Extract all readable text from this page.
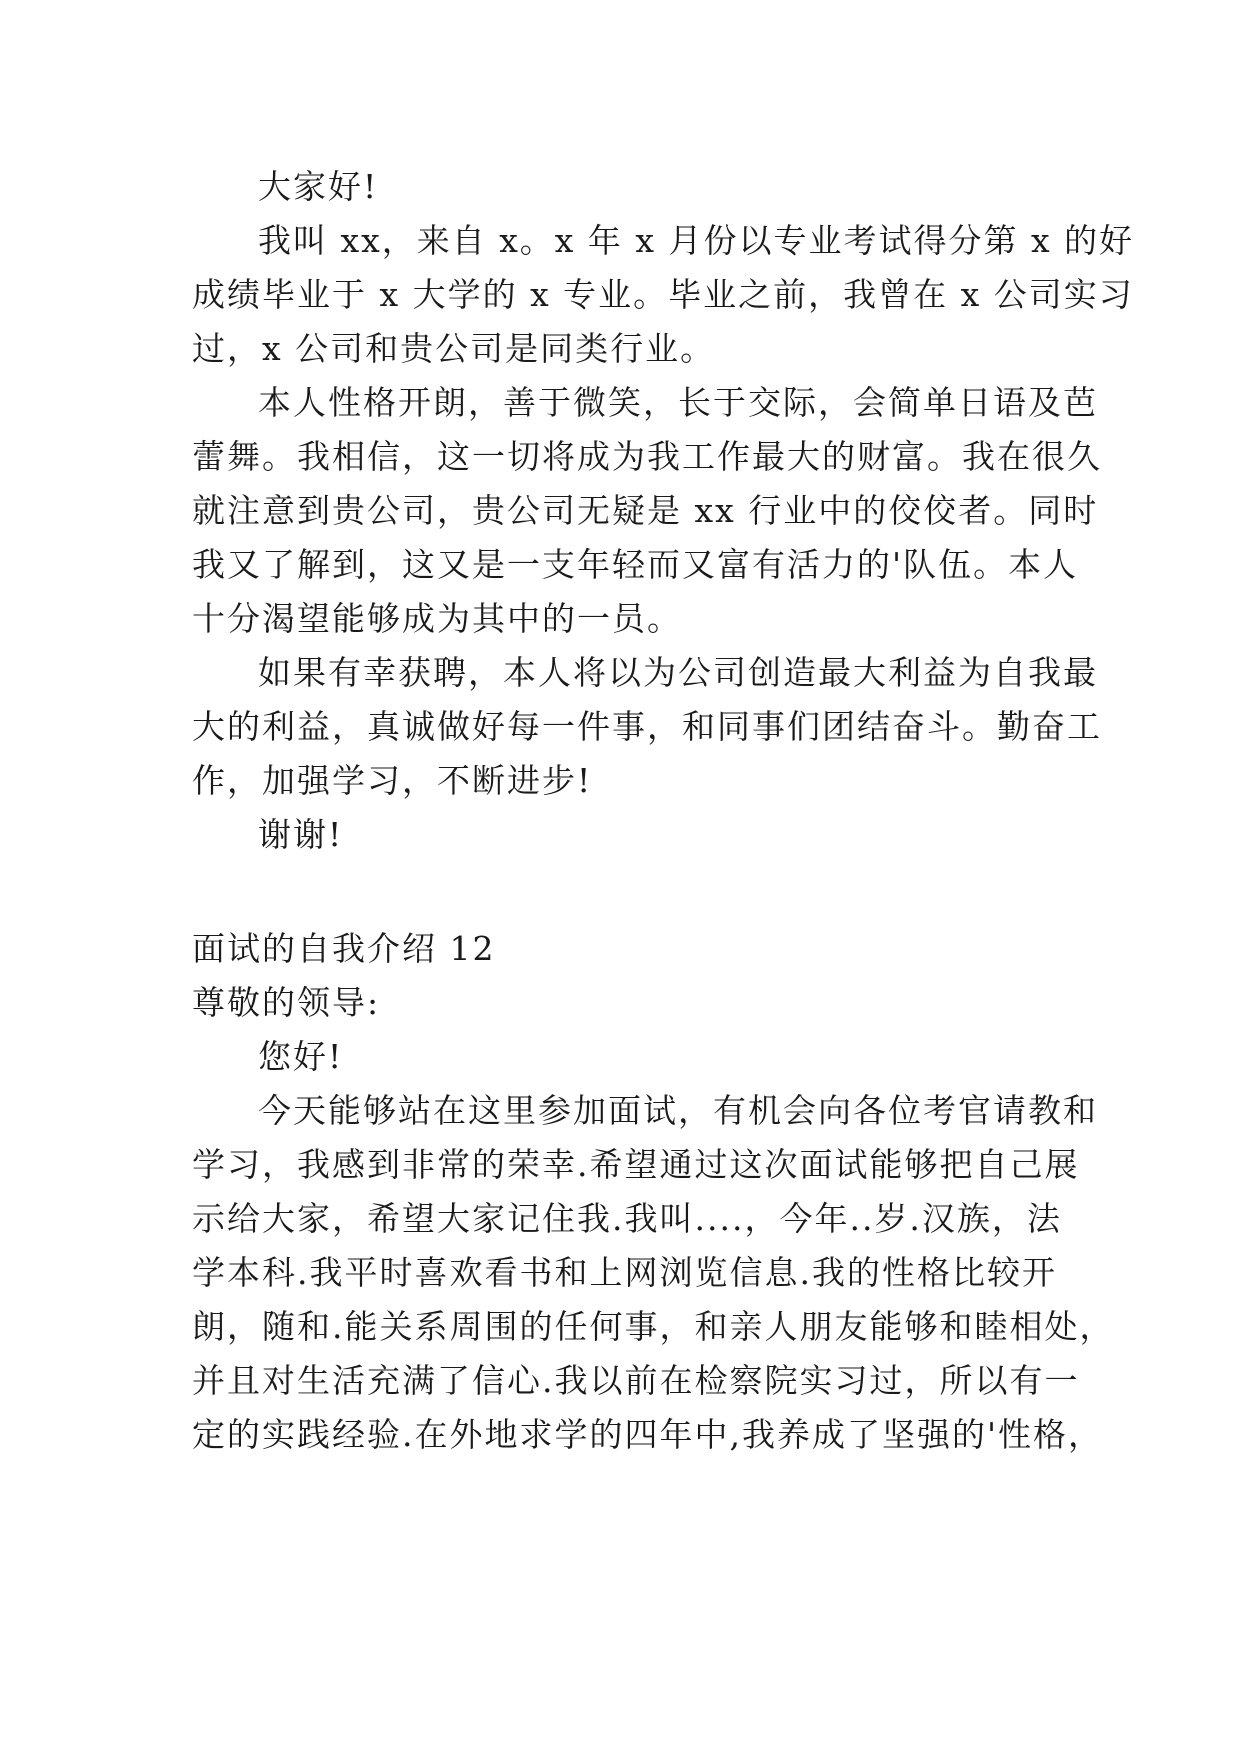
大家好!
我叫 xx，来自 x。x 年 x 月份以专业考试得分第 x 的好
成绩毕业于 x 大学的 x 专业。毕业之前，我曾在 x 公司实习
过，x 公司和贵公司是同类行业。
本人性格开朗，善于微笑，长于交际，会简单日语及芭
蕾舞。我相信，这一切将成为我工作最大的财富。我在很久
就注意到贵公司，贵公司无疑是 xx 行业中的佼佼者。同时
我又了解到，这又是一支年轻而又富有活力的'队伍。本人
十分渴望能够成为其中的一员。
如果有幸获聘，本人将以为公司创造最大利益为自我最
大的利益，真诚做好每一件事，和同事们团结奋斗。勤奋工
作，加强学习，不断进步!
谢谢!
面试的自我介绍 12
尊敬的领导:
您好!
今天能够站在这里参加面试，有机会向各位考官请教和
学习，我感到非常的荣幸.希望通过这次面试能够把自己展
示给大家，希望大家记住我.我叫....，今年..岁.汉族，法
学本科.我平时喜欢看书和上网浏览信息.我的性格比较开
朗，随和.能关系周围的任何事，和亲人朋友能够和睦相处，
并且对生活充满了信心.我以前在检察院实习过，所以有一
定的实践经验.在外地求学的四年中,我养成了坚强的'性格，
